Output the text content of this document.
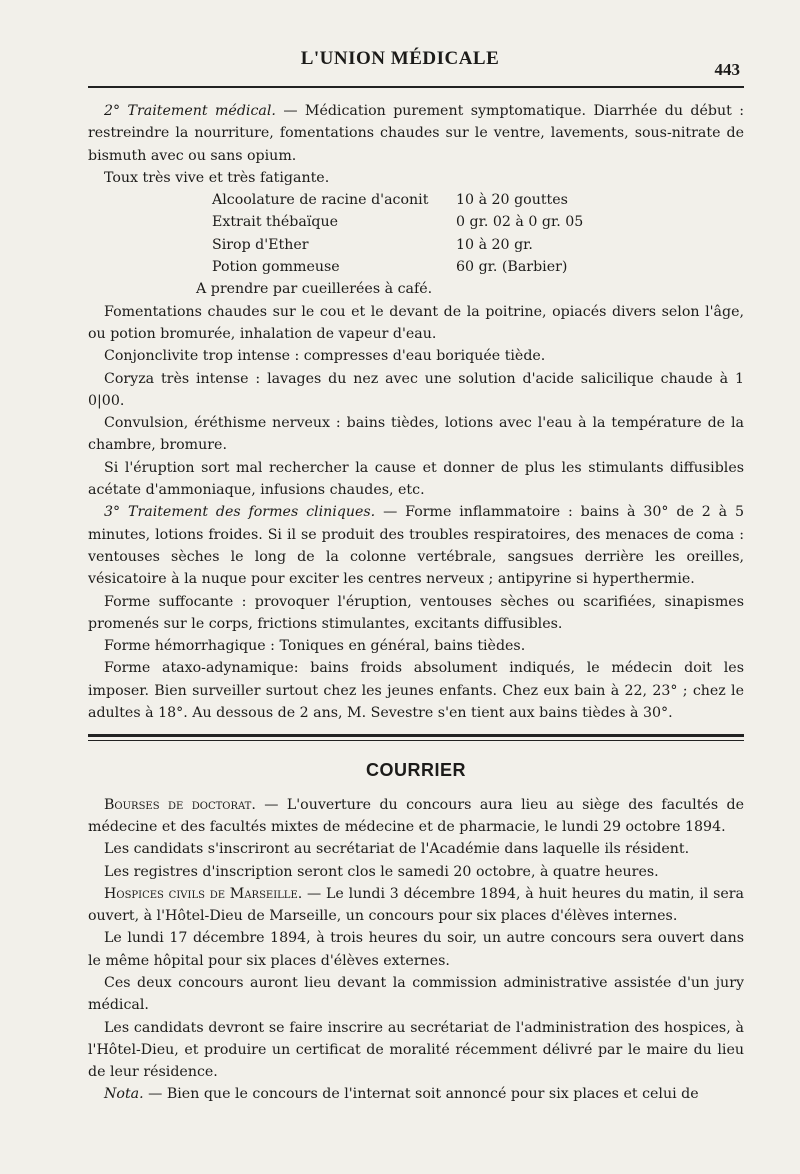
L'UNION MÉDICALE
443

2° Traitement médical. — Médication purement symptomatique. Diarrhée du début : restreindre la nourriture, fomentations chaudes sur le ventre, lavements, sous-nitrate de bismuth avec ou sans opium.

Toux très vive et très fatigante.

Alcoolature de racine d'aconit	10 à 20 gouttes
Extrait thébaïque	0 gr. 02 à 0 gr. 05
Sirop d'Ether	10 à 20 gr.
Potion gommeuse	60 gr. (Barbier)

A prendre par cueillerées à café.

Fomentations chaudes sur le cou et le devant de la poitrine, opiacés divers selon l'âge, ou potion bromurée, inhalation de vapeur d'eau.

Conjonclivite trop intense : compresses d'eau boriquée tiède.

Coryza très intense : lavages du nez avec une solution d'acide salicilique chaude à 1 0|00.

Convulsion, éréthisme nerveux : bains tièdes, lotions avec l'eau à la température de la chambre, bromure.

Si l'éruption sort mal rechercher la cause et donner de plus les stimulants diffusibles acétate d'ammoniaque, infusions chaudes, etc.

3° Traitement des formes cliniques. — Forme inflammatoire : bains à 30° de 2 à 5 minutes, lotions froides. Si il se produit des troubles respiratoires, des menaces de coma : ventouses sèches le long de la colonne vertébrale, sangsues derrière les oreilles, vésicatoire à la nuque pour exciter les centres nerveux ; antipyrine si hyperthermie.

Forme suffocante : provoquer l'éruption, ventouses sèches ou scarifiées, sinapismes promenés sur le corps, frictions stimulantes, excitants diffusibles.

Forme hémorrhagique : Toniques en général, bains tièdes.

Forme ataxo-adynamique: bains froids absolument indiqués, le médecin doit les imposer. Bien surveiller surtout chez les jeunes enfants. Chez eux bain à 22, 23° ; chez le adultes à 18°. Au dessous de 2 ans, M. Sevestre s'en tient aux bains tièdes à 30°.

COURRIER

Bourses de doctorat. — L'ouverture du concours aura lieu au siège des facultés de médecine et des facultés mixtes de médecine et de pharmacie, le lundi 29 octobre 1894.

Les candidats s'inscriront au secrétariat de l'Académie dans laquelle ils résident.

Les registres d'inscription seront clos le samedi 20 octobre, à quatre heures.

Hospices civils de Marseille. — Le lundi 3 décembre 1894, à huit heures du matin, il sera ouvert, à l'Hôtel-Dieu de Marseille, un concours pour six places d'élèves internes.

Le lundi 17 décembre 1894, à trois heures du soir, un autre concours sera ouvert dans le même hôpital pour six places d'élèves externes.

Ces deux concours auront lieu devant la commission administrative assistée d'un jury médical.

Les candidats devront se faire inscrire au secrétariat de l'administration des hospices, à l'Hôtel-Dieu, et produire un certificat de moralité récemment délivré par le maire du lieu de leur résidence.

Nota. — Bien que le concours de l'internat soit annoncé pour six places et celui de
